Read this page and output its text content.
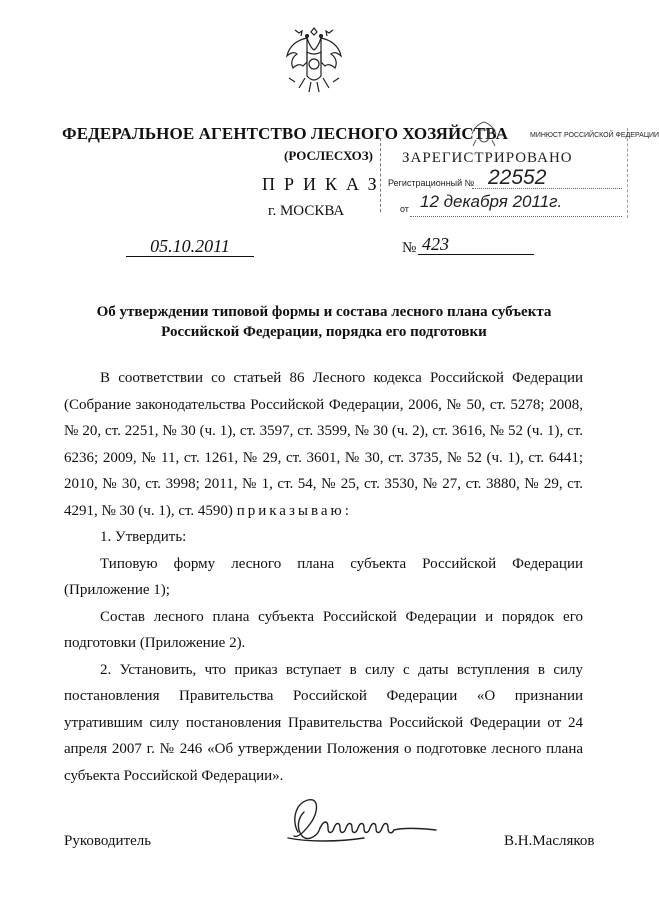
ФЕДЕРАЛЬНОЕ АГЕНТСТВО ЛЕСНОГО ХОЗЯЙСТВА
(РОСЛЕСХОЗ)
ПРИКАЗ
г. МОСКВА
МИНЮСТ РОССИЙСКОЙ ФЕДЕРАЦИИ
ЗАРЕГИСТРИРОВАНО
Регистрационный № 22552
от 12 декабря 2011г.
05.10.2011	№ 423
Об утверждении типовой формы и состава лесного плана субъекта Российской Федерации, порядка его подготовки

В соответствии со статьей 86 Лесного кодекса Российской Федерации (Собрание законодательства Российской Федерации, 2006, № 50, ст. 5278; 2008, № 20, ст. 2251, № 30 (ч. 1), ст. 3597, ст. 3599, № 30 (ч. 2), ст. 3616, № 52 (ч. 1), ст. 6236; 2009, № 11, ст. 1261, № 29, ст. 3601, № 30, ст. 3735, № 52 (ч. 1), ст. 6441; 2010, № 30, ст. 3998; 2011, № 1, ст. 54, № 25, ст. 3530, № 27, ст. 3880, № 29, ст. 4291, № 30 (ч. 1), ст. 4590) приказываю:

1. Утвердить:

Типовую форму лесного плана субъекта Российской Федерации (Приложение 1);

Состав лесного плана субъекта Российской Федерации и порядок его подготовки (Приложение 2).

2. Установить, что приказ вступает в силу с даты вступления в силу постановления Правительства Российской Федерации «О признании утратившим силу постановления Правительства Российской Федерации от 24 апреля 2007 г. № 246 «Об утверждении Положения о подготовке лесного плана субъекта Российской Федерации».

Руководитель	В.Н.Масляков
